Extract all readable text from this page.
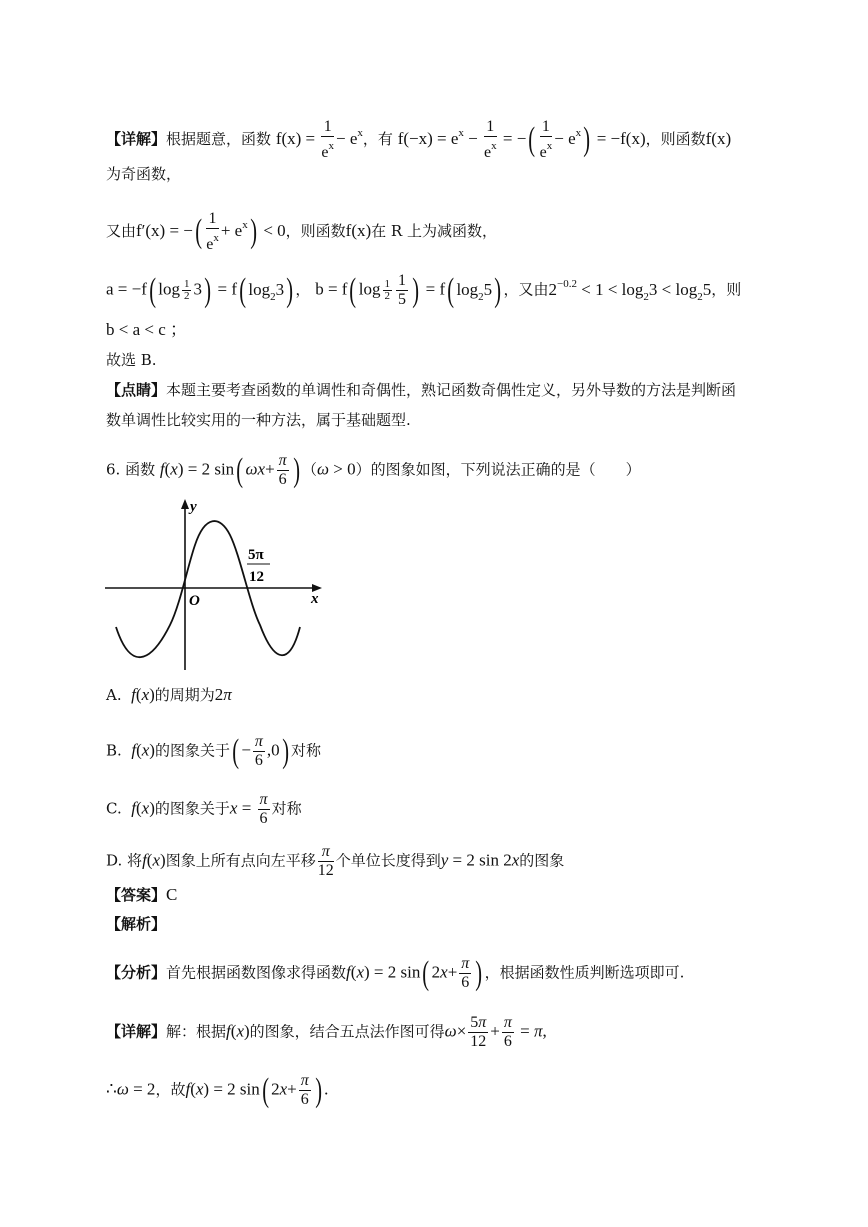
【详解】根据题意，函数 $f(x) = \frac{1}{e^x} - e^x$，有 $f(-x) = e^x - \frac{1}{e^x}$ = −( $\frac{1}{e^x} - e^x) = -f(x)$，则函数f(x)
为奇函数，
又由f′(x) = −( $\frac{1}{e^x} + e^x) < 0$，则函数f(x)在 R 上为减函数，
a = −f( $\log \frac{1}{2} 3) = f$( $\log_23$) ， b = f( $\log \frac{1}{2} \frac{1}{5}$ ) = f( $\log_25$) ，又由$2^{-0.2} < 1 < \log_23 < \log_25$，则
b < a < c ；
故选 B.
【点睛】本题主要考查函数的单调性和奇偶性，熟记函数奇偶性定义，另外导数的方法是判断函
数单调性比较实用的一种方法，属于基础题型.
6. 函数 f(x) = 2 sin( $\omega x+ \frac{\pi}{6}$ ) （ω > 0）的图象如图，下列说法正确的是（　　）
y
x
O
5π
12
A. f(x)的周期为2π
B. f(x)的图象关于( − $\frac{\pi}{6} ,0$) 对称
C. f(x)的图象关于$x = \frac{\pi}{6}$ 对称
D. 将f(x)图象上所有点向左平移 $\frac{\pi}{12}$ 个单位长度得到y = 2 sin 2x的图象
【答案】C
【解析】
【分析】首先根据函数图像求得函数f(x) = 2 sin( $2x+ \frac{\pi}{6}$ ) ，根据函数性质判断选项即可.
【详解】解：根据f(x)的图象，结合五点法作图可得$\omega\times \frac{5\pi}{12} + \frac{\pi}{6} = \pi$,
∴ω = 2，故f(x) = 2 sin( $2x+ \frac{\pi}{6}$ ) .
